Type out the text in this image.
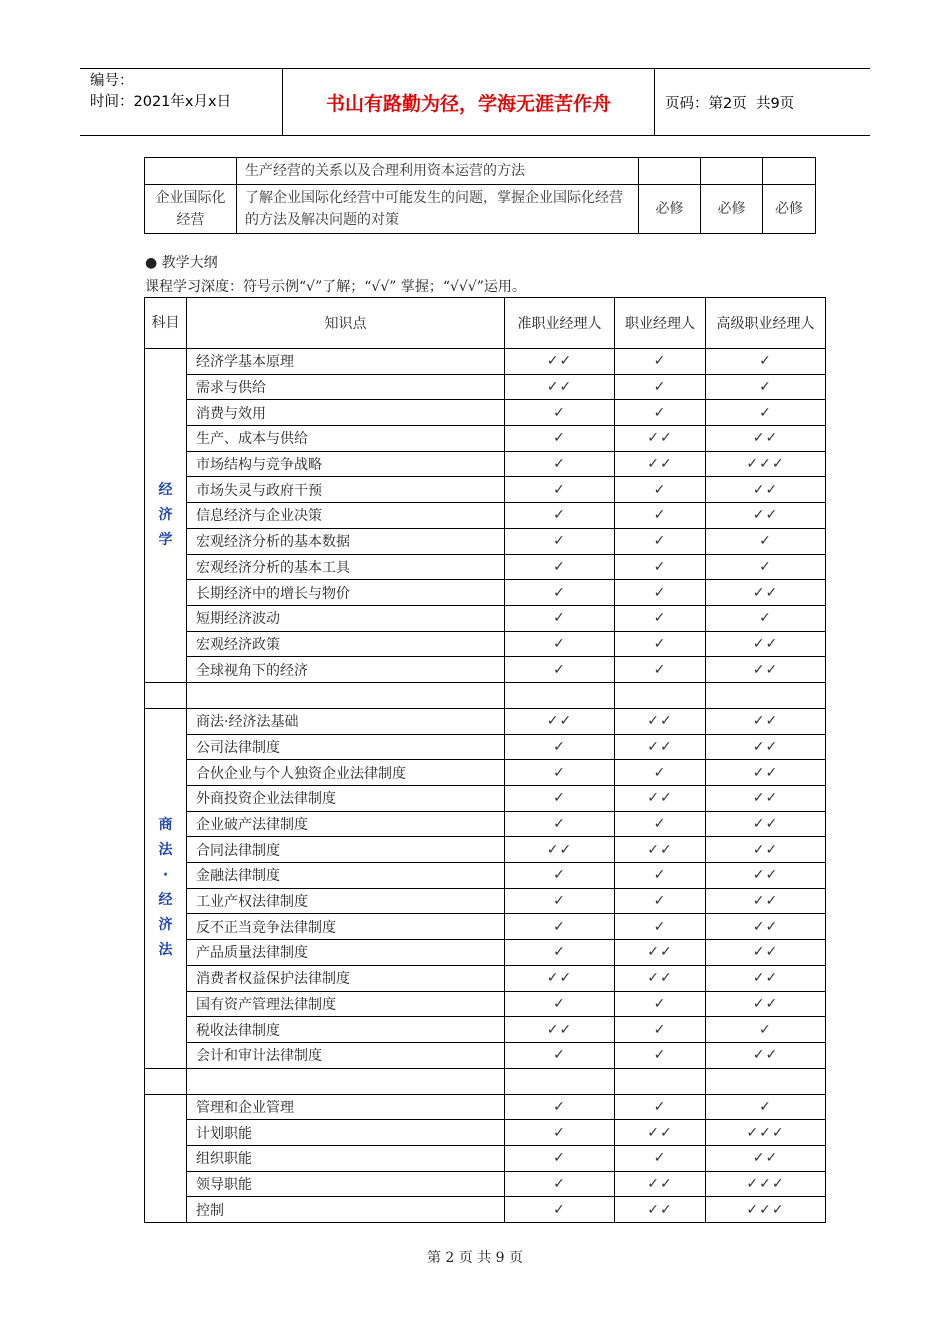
编号：
时间：2021年x月x日	书山有路勤为径，学海无涯苦作舟	页码：第2页  共9页
	生产经营的关系以及合理利用资本运营的方法			
企业国际化经营	了解企业国际化经营中可能发生的问题，掌握企业国际化经营的方法及解决问题的对策	必修	必修	必修
● 教学大纲
课程学习深度：符号示例“√”了解；“√√” 掌握；“√√√”运用。
科目	知识点	准职业经理人	职业经理人	高级职业经理人

经济学	经济学基本原理	✓✓	✓	✓
	需求与供给	✓✓	✓	✓
	消费与效用	✓	✓	✓
	生产、成本与供给	✓	✓✓	✓✓
	市场结构与竞争战略	✓	✓✓	✓✓✓
	市场失灵与政府干预	✓	✓	✓✓
	信息经济与企业决策	✓	✓	✓✓
	宏观经济分析的基本数据	✓	✓	✓
	宏观经济分析的基本工具	✓	✓	✓
	长期经济中的增长与物价	✓	✓	✓✓
	短期经济波动	✓	✓	✓
	宏观经济政策	✓	✓	✓✓
	全球视角下的经济	✓	✓	✓✓

商法·经济法	商法·经济法基础	✓✓	✓✓	✓✓
	公司法律制度	✓	✓✓	✓✓
	合伙企业与个人独资企业法律制度	✓	✓	✓✓
	外商投资企业法律制度	✓	✓✓	✓✓
	企业破产法律制度	✓	✓	✓✓
	合同法律制度	✓✓	✓✓	✓✓
	金融法律制度	✓	✓	✓✓
	工业产权法律制度	✓	✓	✓✓
	反不正当竞争法律制度	✓	✓	✓✓
	产品质量法律制度	✓	✓✓	✓✓
	消费者权益保护法律制度	✓✓	✓✓	✓✓
	国有资产管理法律制度	✓	✓	✓✓
	税收法律制度	✓✓	✓	✓
	会计和审计法律制度	✓	✓	✓✓

	管理和企业管理	✓	✓	✓
	计划职能	✓	✓✓	✓✓✓
	组织职能	✓	✓	✓✓
	领导职能	✓	✓✓	✓✓✓
	控制	✓	✓✓	✓✓✓
第 2 页 共 9 页
